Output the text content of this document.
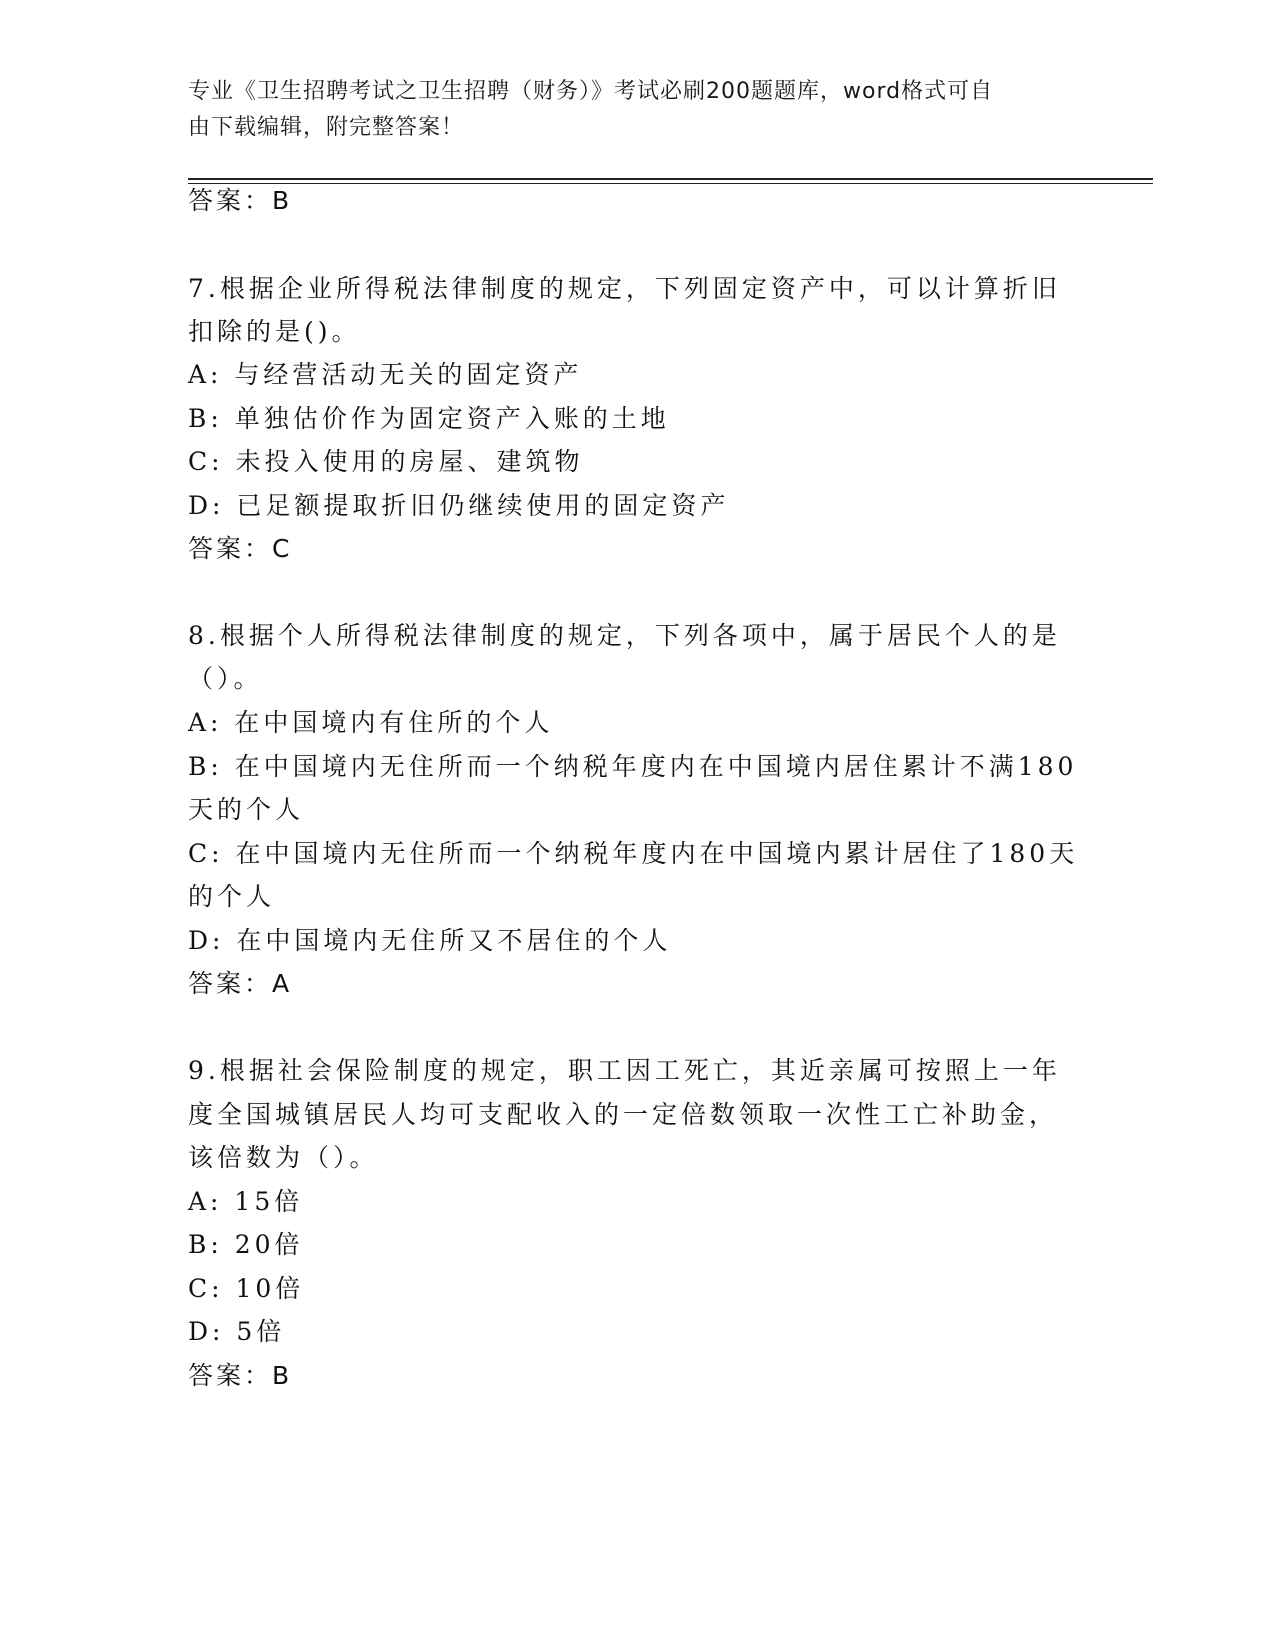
专业《卫生招聘考试之卫生招聘（财务）》考试必刷200题题库，word格式可自
由下载编辑，附完整答案！
答案：B
7.根据企业所得税法律制度的规定，下列固定资产中，可以计算折旧
扣除的是()。
A: 与经营活动无关的固定资产
B: 单独估价作为固定资产入账的土地
C: 未投入使用的房屋、建筑物
D: 已足额提取折旧仍继续使用的固定资产
答案：C
8.根据个人所得税法律制度的规定，下列各项中，属于居民个人的是
（）。
A: 在中国境内有住所的个人
B: 在中国境内无住所而一个纳税年度内在中国境内居住累计不满180
天的个人
C: 在中国境内无住所而一个纳税年度内在中国境内累计居住了180天
的个人
D: 在中国境内无住所又不居住的个人
答案：A
9.根据社会保险制度的规定，职工因工死亡，其近亲属可按照上一年
度全国城镇居民人均可支配收入的一定倍数领取一次性工亡补助金，
该倍数为（）。
A: 15倍
B: 20倍
C: 10倍
D: 5倍
答案：B
